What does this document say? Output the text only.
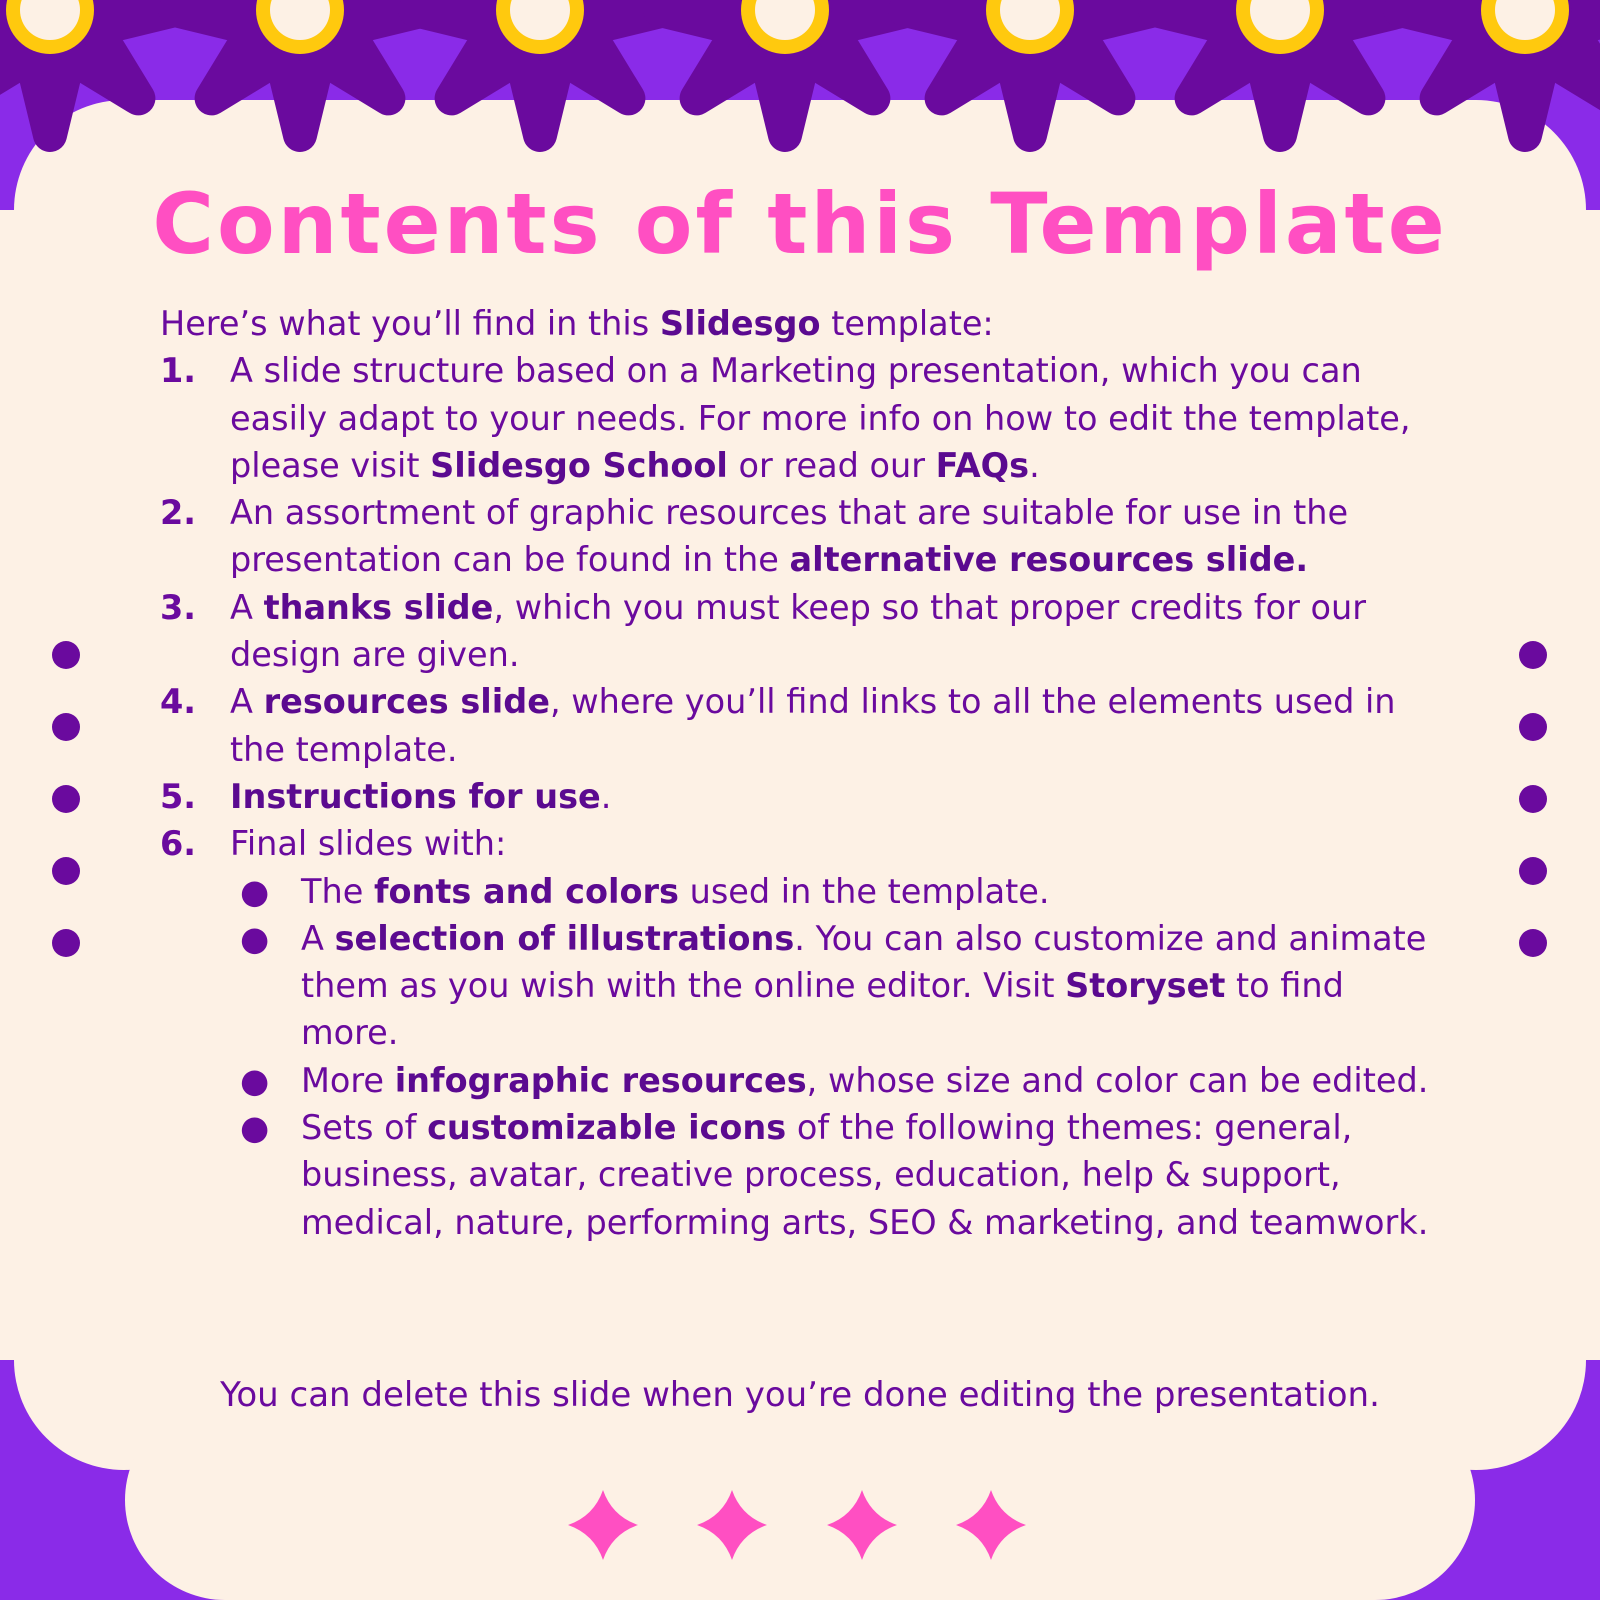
Contents of this Template

Here’s what you’ll find in this Slidesgo template:

1. A slide structure based on a Marketing presentation, which you can easily adapt to your needs. For more info on how to edit the template, please visit Slidesgo School or read our FAQs.
2. An assortment of graphic resources that are suitable for use in the presentation can be found in the alternative resources slide.
3. A thanks slide, which you must keep so that proper credits for our design are given.
4. A resources slide, where you’ll find links to all the elements used in the template.
5. Instructions for use.
6. Final slides with:
● The fonts and colors used in the template.
● A selection of illustrations. You can also customize and animate them as you wish with the online editor. Visit Storyset to find more.
● More infographic resources, whose size and color can be edited.
● Sets of customizable icons of the following themes: general, business, avatar, creative process, education, help & support, medical, nature, performing arts, SEO & marketing, and teamwork.

You can delete this slide when you’re done editing the presentation.
